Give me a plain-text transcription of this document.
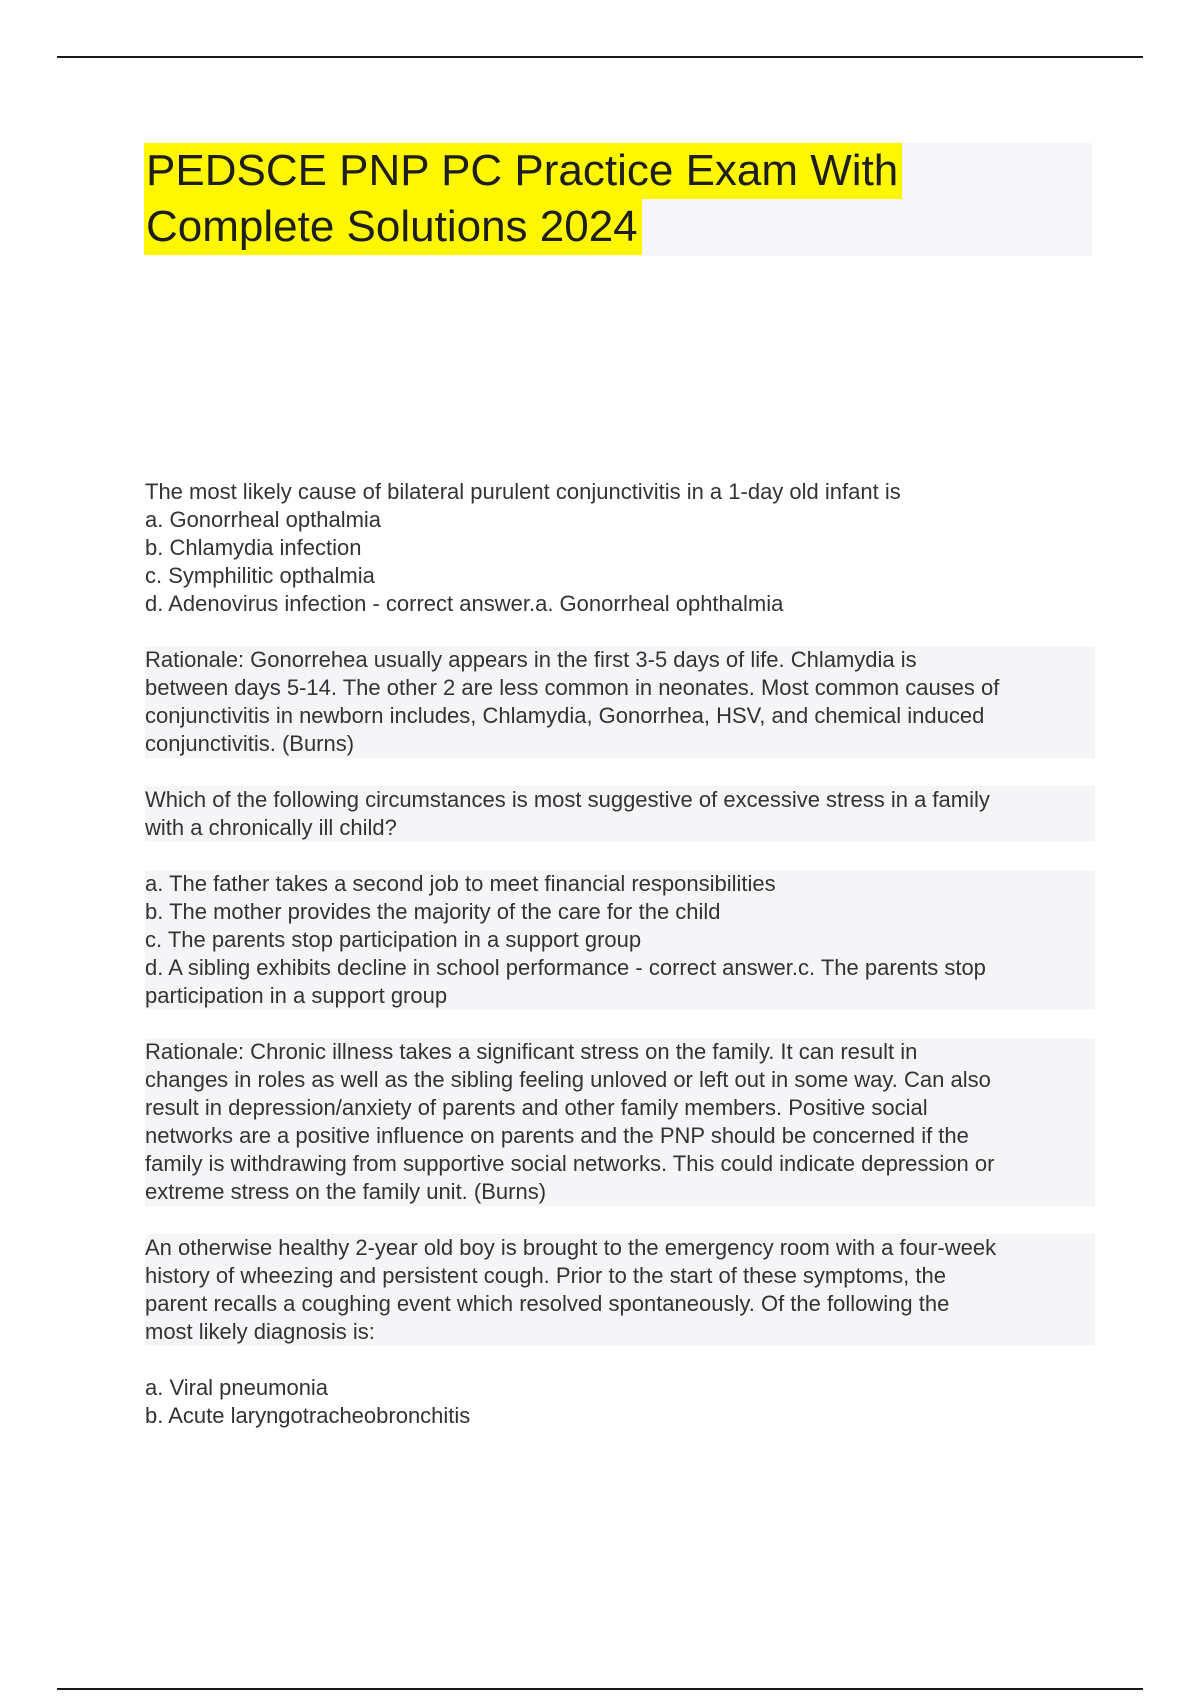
PEDSCE PNP PC Practice Exam With
Complete Solutions 2024
The most likely cause of bilateral purulent conjunctivitis in a 1-day old infant is
a. Gonorrheal opthalmia
b. Chlamydia infection
c. Symphilitic opthalmia
d. Adenovirus infection - correct answer.a. Gonorrheal ophthalmia
Rationale: Gonorrehea usually appears in the first 3-5 days of life. Chlamydia is
between days 5-14. The other 2 are less common in neonates. Most common causes of
conjunctivitis in newborn includes, Chlamydia, Gonorrhea, HSV, and chemical induced
conjunctivitis. (Burns)
Which of the following circumstances is most suggestive of excessive stress in a family
with a chronically ill child?
a. The father takes a second job to meet financial responsibilities
b. The mother provides the majority of the care for the child
c. The parents stop participation in a support group
d. A sibling exhibits decline in school performance - correct answer.c. The parents stop
participation in a support group
Rationale: Chronic illness takes a significant stress on the family. It can result in
changes in roles as well as the sibling feeling unloved or left out in some way. Can also
result in depression/anxiety of parents and other family members. Positive social
networks are a positive influence on parents and the PNP should be concerned if the
family is withdrawing from supportive social networks. This could indicate depression or
extreme stress on the family unit. (Burns)
An otherwise healthy 2-year old boy is brought to the emergency room with a four-week
history of wheezing and persistent cough. Prior to the start of these symptoms, the
parent recalls a coughing event which resolved spontaneously. Of the following the
most likely diagnosis is:
a. Viral pneumonia
b. Acute laryngotracheobronchitis
